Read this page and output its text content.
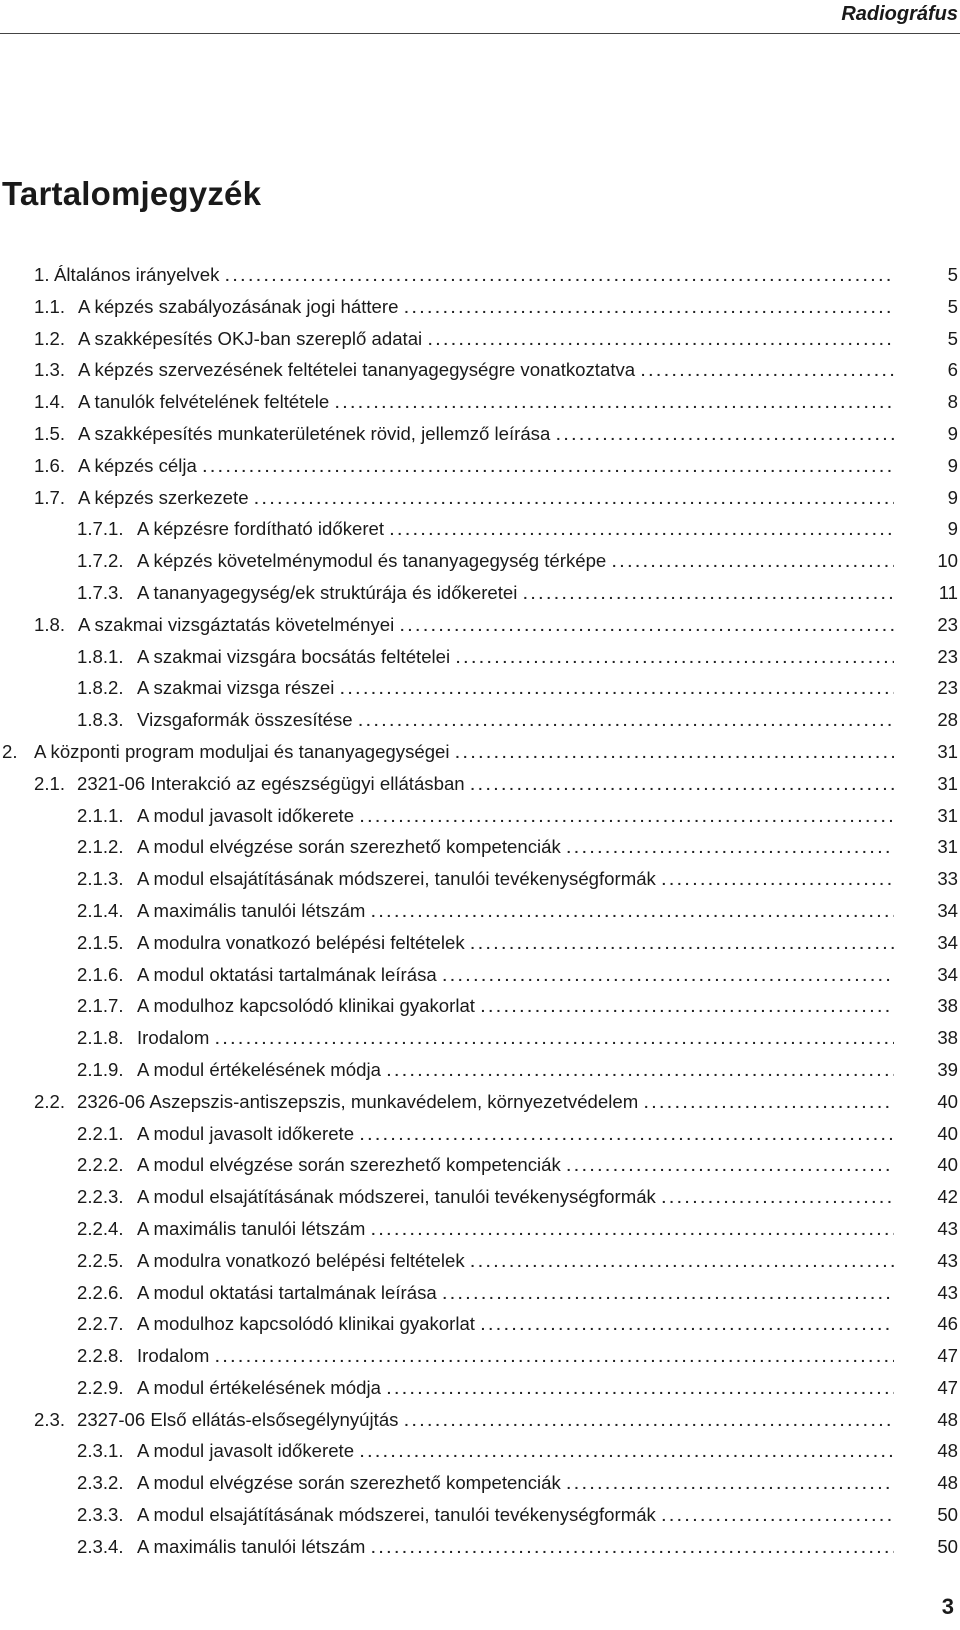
Radiográfus
Tartalomjegyzék
1. Általános irányelvek . . .	5
1.1. A képzés szabályozásának jogi háttere . . .	5
1.2. A szakképesítés OKJ-ban szereplő adatai . . .	5
1.3. A képzés szervezésének feltételei tananyagegységre vonatkoztatva . . .	6
1.4. A tanulók felvételének feltétele . . .	8
1.5. A szakképesítés munkaterületének rövid, jellemző leírása . . .	9
1.6. A képzés célja . . .	9
1.7. A képzés szerkezete . . .	9
1.7.1. A képzésre fordítható időkeret . . .	9
1.7.2. A képzés követelménymodul és tananyagegység térképe . . .	10
1.7.3. A tananyagegység/ek struktúrája és időkeretei . . .	11
1.8. A szakmai vizsgáztatás követelményei . . .	23
1.8.1. A szakmai vizsgára bocsátás feltételei . . .	23
1.8.2. A szakmai vizsga részei . . .	23
1.8.3. Vizsgaformák összesítése . . .	28
2. A központi program moduljai és tananyagegységei . . .	31
2.1. 2321-06 Interakció az egészségügyi ellátásban . . .	31
2.1.1. A modul javasolt időkerete . . .	31
2.1.2. A modul elvégzése során szerezhető kompetenciák . . .	31
2.1.3. A modul elsajátításának módszerei, tanulói tevékenységformák . . .	33
2.1.4. A maximális tanulói létszám . . .	34
2.1.5. A modulra vonatkozó belépési feltételek . . .	34
2.1.6. A modul oktatási tartalmának leírása . . .	34
2.1.7. A modulhoz kapcsolódó klinikai gyakorlat . . .	38
2.1.8. Irodalom . . .	38
2.1.9. A modul értékelésének módja . . .	39
2.2. 2326-06 Aszepszis-antiszepszis, munkavédelem, környezetvédelem . . .	40
2.2.1. A modul javasolt időkerete . . .	40
2.2.2. A modul elvégzése során szerezhető kompetenciák . . .	40
2.2.3. A modul elsajátításának módszerei, tanulói tevékenységformák . . .	42
2.2.4. A maximális tanulói létszám . . .	43
2.2.5. A modulra vonatkozó belépési feltételek . . .	43
2.2.6. A modul oktatási tartalmának leírása . . .	43
2.2.7. A modulhoz kapcsolódó klinikai gyakorlat . . .	46
2.2.8. Irodalom . . .	47
2.2.9. A modul értékelésének módja . . .	47
2.3. 2327-06 Első ellátás-elsősegélynyújtás . . .	48
2.3.1. A modul javasolt időkerete . . .	48
2.3.2. A modul elvégzése során szerezhető kompetenciák . . .	48
2.3.3. A modul elsajátításának módszerei, tanulói tevékenységformák . . .	50
2.3.4. A maximális tanulói létszám . . .	50
3
